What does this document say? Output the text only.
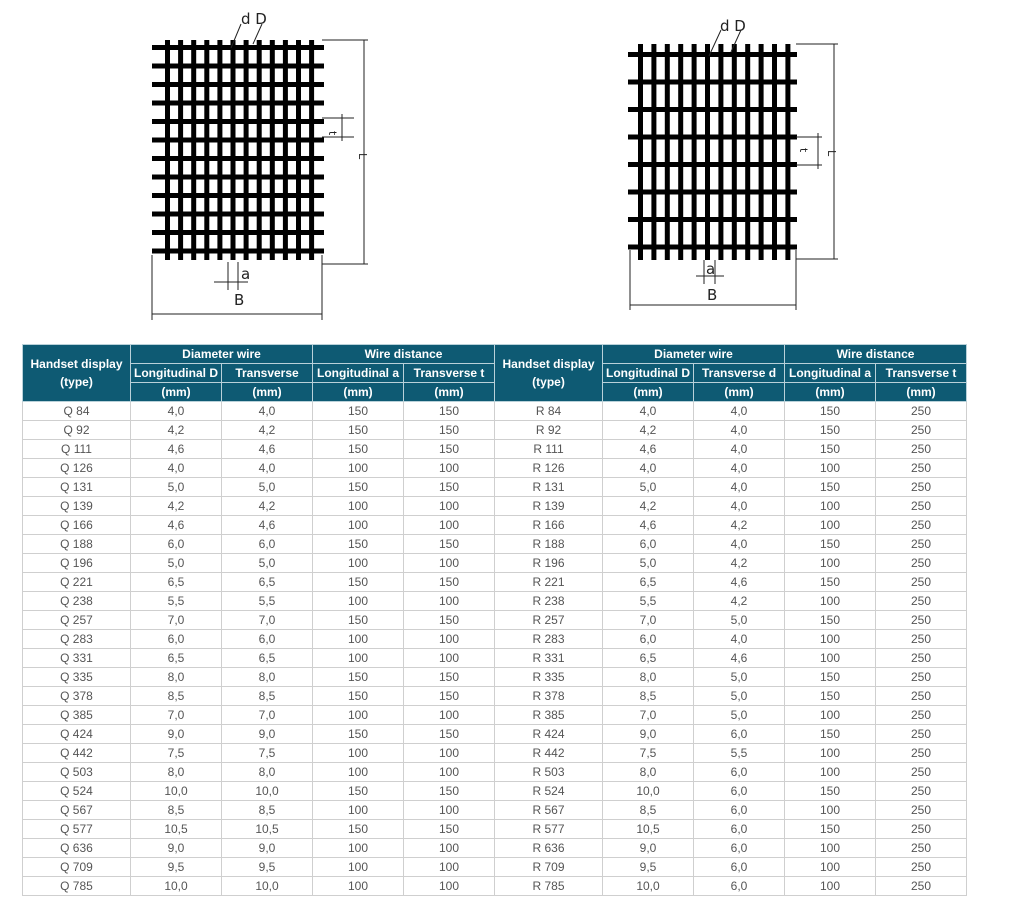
d D
L
t
a
B
d D
L
t
a
B
Handset display
(type)	Diameter wire		Wire distance	
	Longitudinal D	Transverse	Longitudinal a	Transverse t
	(mm)	(mm)	(mm)	(mm)
Q 84	4,0	4,0	150	150
Q 92	4,2	4,2	150	150
Q 111	4,6	4,6	150	150
Q 126	4,0	4,0	100	100
Q 131	5,0	5,0	150	150
Q 139	4,2	4,2	100	100
Q 166	4,6	4,6	100	100
Q 188	6,0	6,0	150	150
Q 196	5,0	5,0	100	100
Q 221	6,5	6,5	150	150
Q 238	5,5	5,5	100	100
Q 257	7,0	7,0	150	150
Q 283	6,0	6,0	100	100
Q 331	6,5	6,5	100	100
Q 335	8,0	8,0	150	150
Q 378	8,5	8,5	150	150
Q 385	7,0	7,0	100	100
Q 424	9,0	9,0	150	150
Q 442	7,5	7,5	100	100
Q 503	8,0	8,0	100	100
Q 524	10,0	10,0	150	150
Q 567	8,5	8,5	100	100
Q 577	10,5	10,5	150	150
Q 636	9,0	9,0	100	100
Q 709	9,5	9,5	100	100
Q 785	10,0	10,0	100	100
Handset display
(type)	Diameter wire		Wire distance	
	Longitudinal D	Transverse d	Longitudinal a	Transverse t
	(mm)	(mm)	(mm)	(mm)
R 84	4,0	4,0	150	250
R 92	4,2	4,0	150	250
R 111	4,6	4,0	150	250
R 126	4,0	4,0	100	250
R 131	5,0	4,0	150	250
R 139	4,2	4,0	100	250
R 166	4,6	4,2	100	250
R 188	6,0	4,0	150	250
R 196	5,0	4,2	100	250
R 221	6,5	4,6	150	250
R 238	5,5	4,2	100	250
R 257	7,0	5,0	150	250
R 283	6,0	4,0	100	250
R 331	6,5	4,6	100	250
R 335	8,0	5,0	150	250
R 378	8,5	5,0	150	250
R 385	7,0	5,0	100	250
R 424	9,0	6,0	150	250
R 442	7,5	5,5	100	250
R 503	8,0	6,0	100	250
R 524	10,0	6,0	150	250
R 567	8,5	6,0	100	250
R 577	10,5	6,0	150	250
R 636	9,0	6,0	100	250
R 709	9,5	6,0	100	250
R 785	10,0	6,0	100	250
